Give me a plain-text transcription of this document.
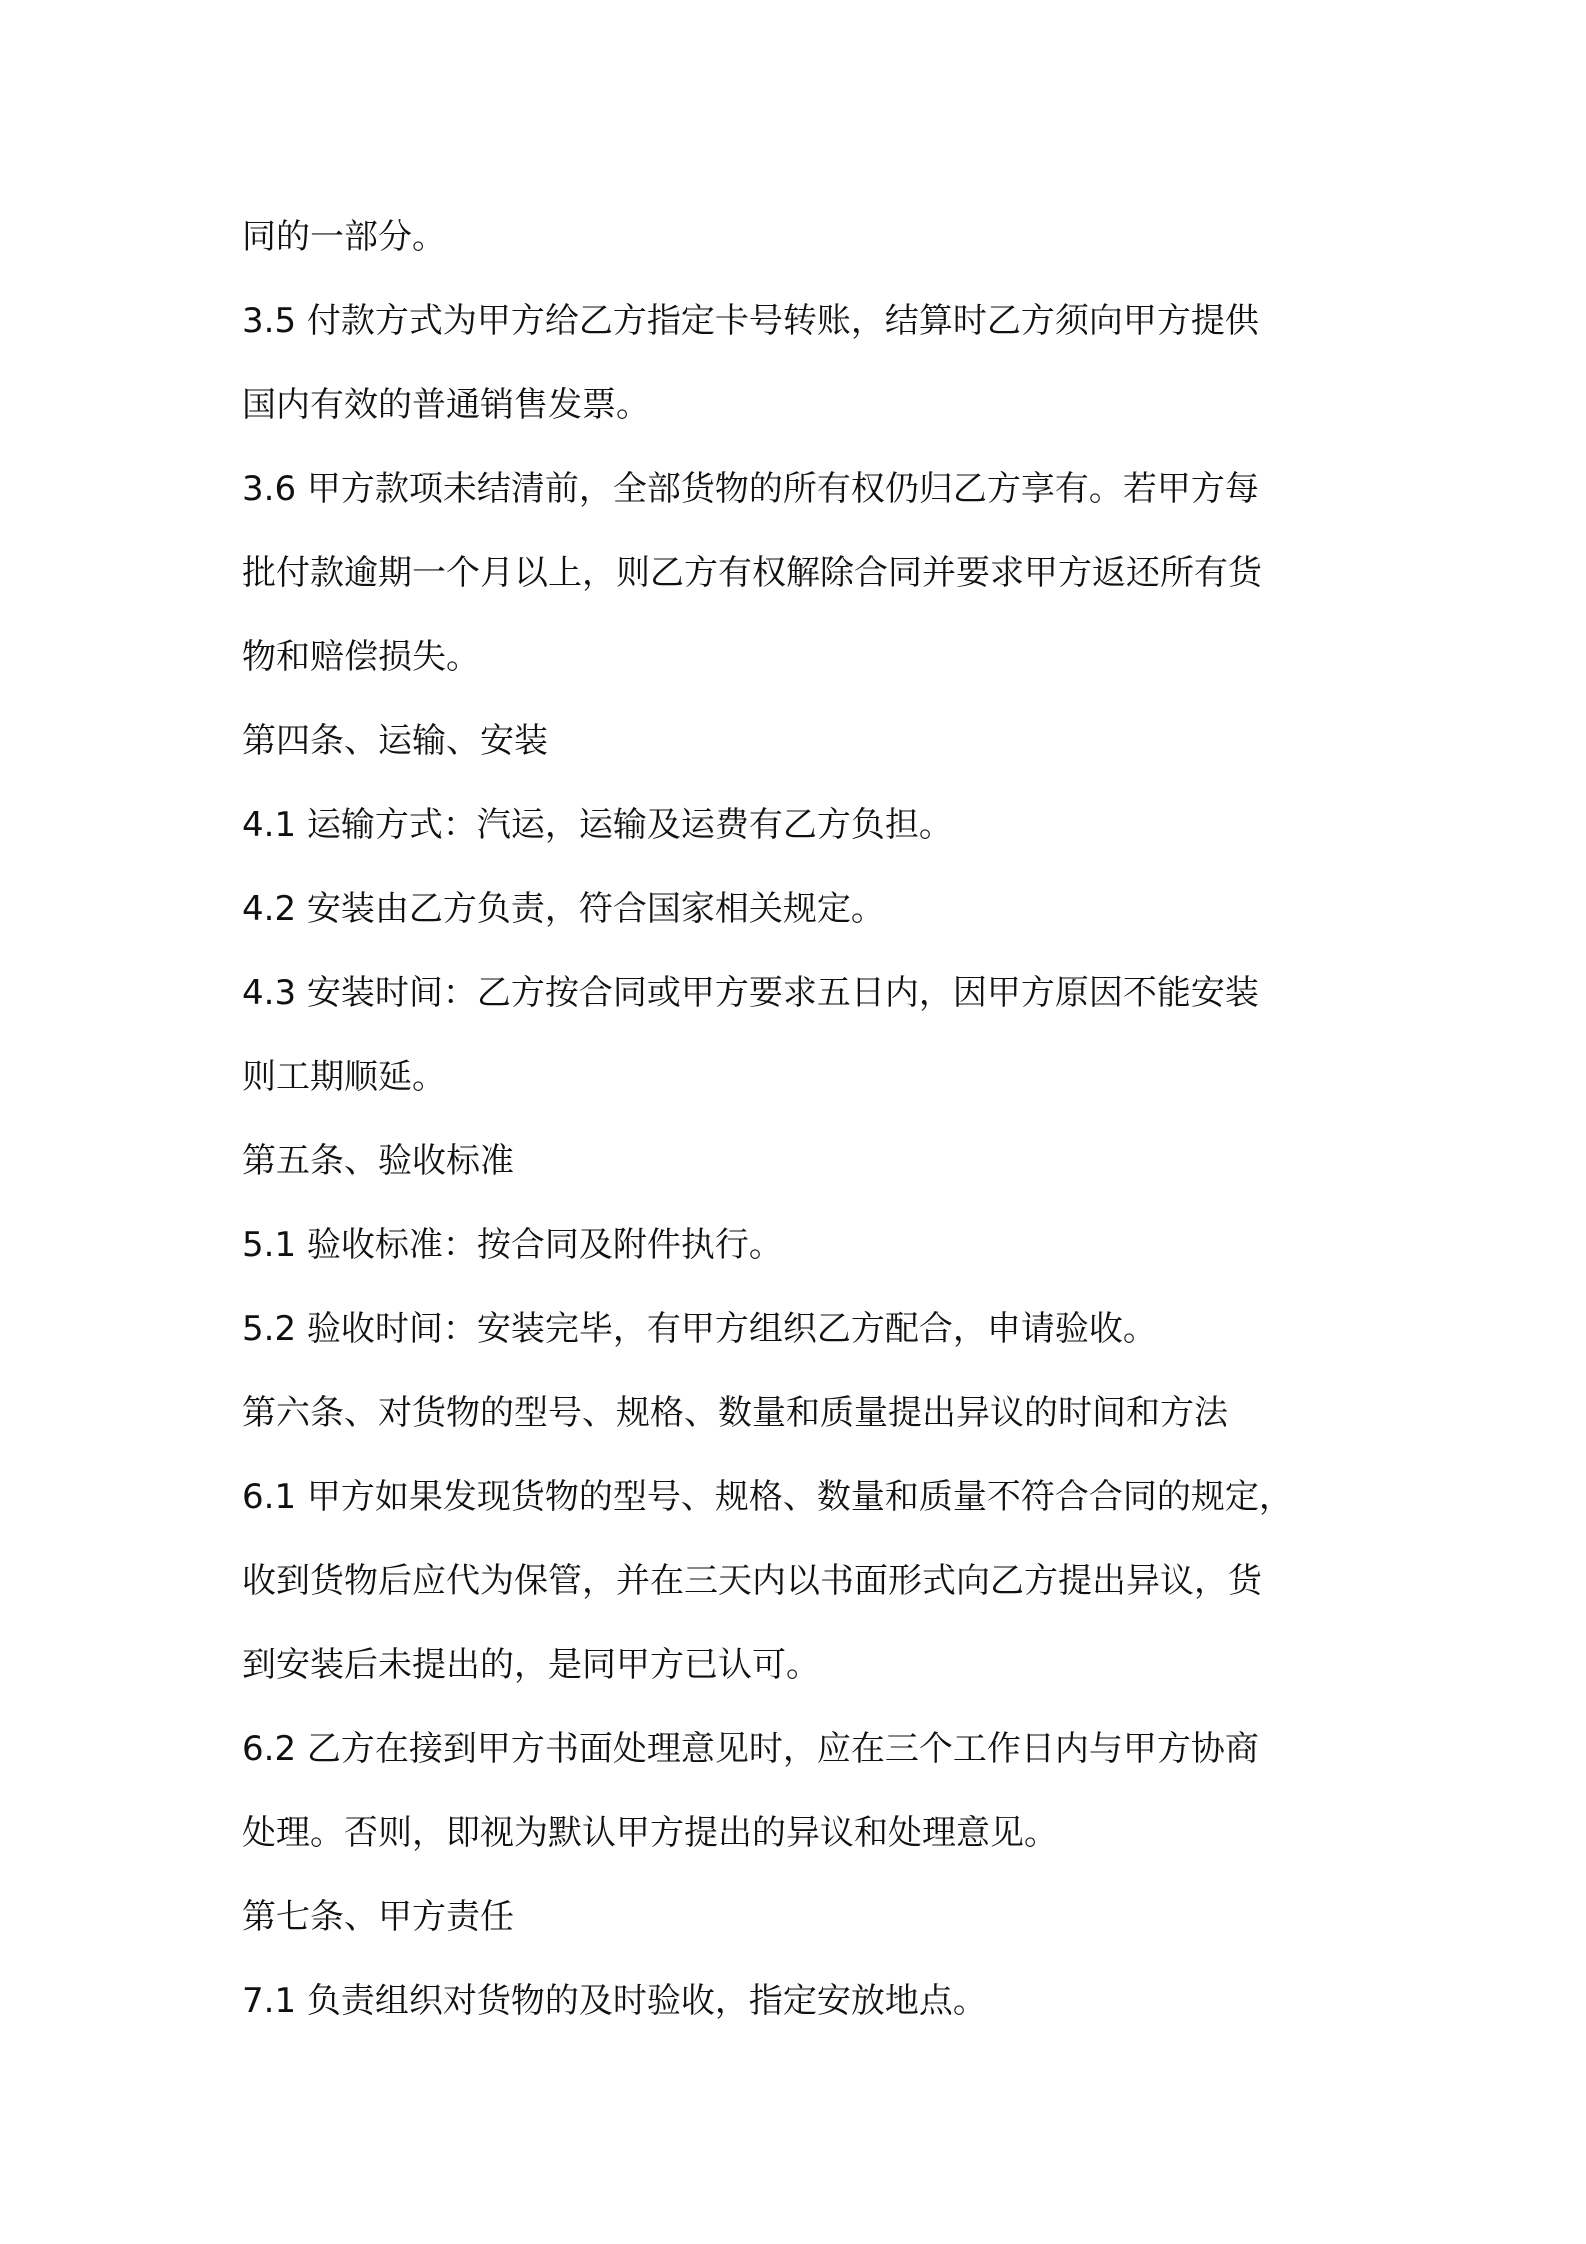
同的一部分。
3.5 付款方式为甲方给乙方指定卡号转账，结算时乙方须向甲方提供
国内有效的普通销售发票。
3.6 甲方款项未结清前，全部货物的所有权仍归乙方享有。若甲方每
批付款逾期一个月以上，则乙方有权解除合同并要求甲方返还所有货
物和赔偿损失。
第四条、运输、安装
4.1 运输方式：汽运，运输及运费有乙方负担。
4.2 安装由乙方负责，符合国家相关规定。
4.3 安装时间：乙方按合同或甲方要求五日内，因甲方原因不能安装
则工期顺延。
第五条、验收标准
5.1 验收标准：按合同及附件执行。
5.2 验收时间：安装完毕，有甲方组织乙方配合，申请验收。
第六条、对货物的型号、规格、数量和质量提出异议的时间和方法
6.1 甲方如果发现货物的型号、规格、数量和质量不符合合同的规定，
收到货物后应代为保管，并在三天内以书面形式向乙方提出异议，货
到安装后未提出的，是同甲方已认可。
6.2 乙方在接到甲方书面处理意见时，应在三个工作日内与甲方协商
处理。否则，即视为默认甲方提出的异议和处理意见。
第七条、甲方责任
7.1 负责组织对货物的及时验收，指定安放地点。
